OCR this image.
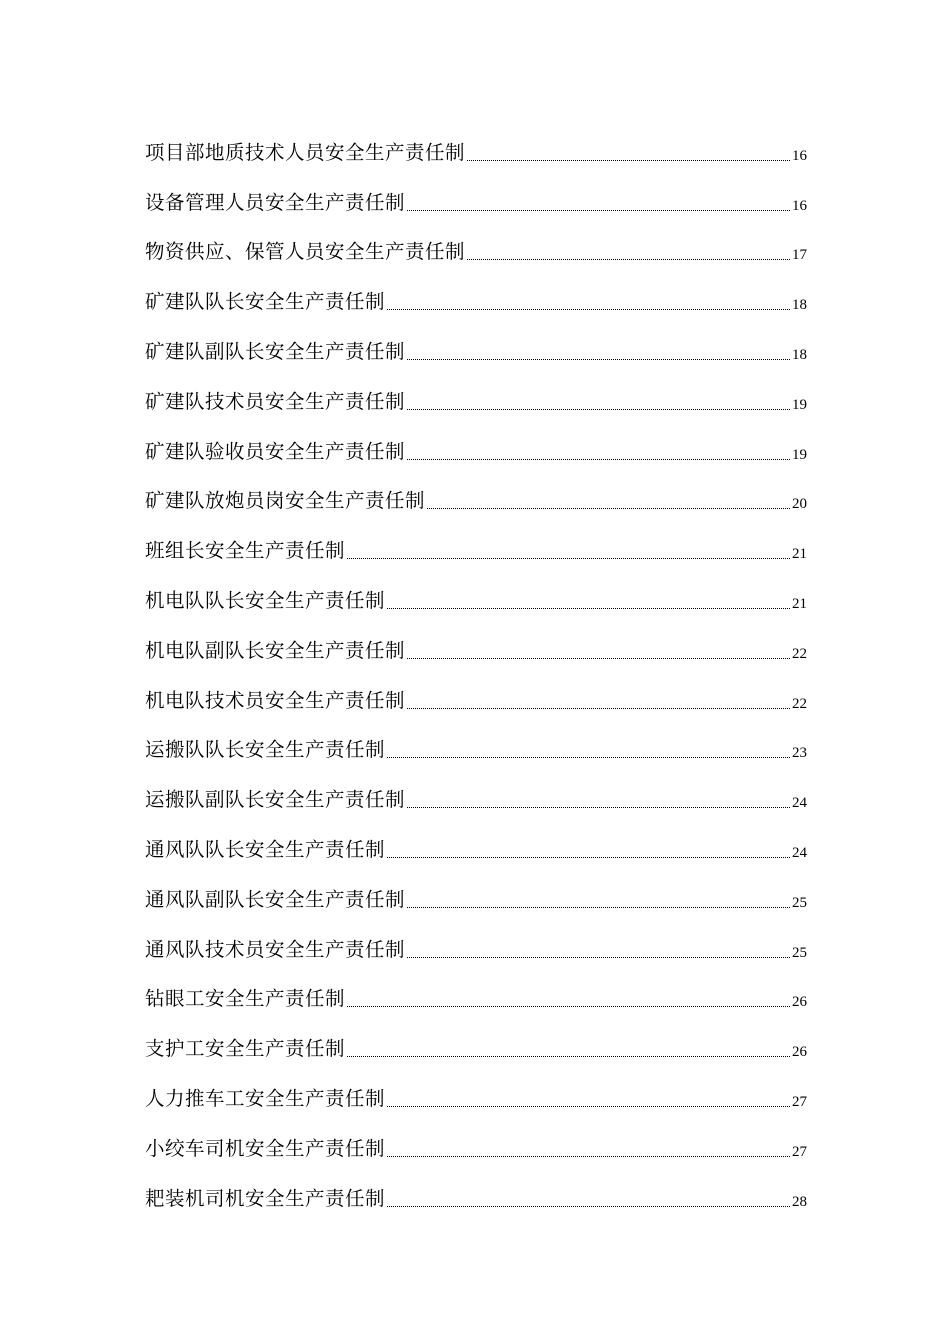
项目部地质技术人员安全生产责任制	16
设备管理人员安全生产责任制	16
物资供应、保管人员安全生产责任制	17
矿建队队长安全生产责任制	18
矿建队副队长安全生产责任制	18
矿建队技术员安全生产责任制	19
矿建队验收员安全生产责任制	19
矿建队放炮员岗安全生产责任制	20
班组长安全生产责任制	21
机电队队长安全生产责任制	21
机电队副队长安全生产责任制	22
机电队技术员安全生产责任制	22
运搬队队长安全生产责任制	23
运搬队副队长安全生产责任制	24
通风队队长安全生产责任制	24
通风队副队长安全生产责任制	25
通风队技术员安全生产责任制	25
钻眼工安全生产责任制	26
支护工安全生产责任制	26
人力推车工安全生产责任制	27
小绞车司机安全生产责任制	27
耙装机司机安全生产责任制	28
